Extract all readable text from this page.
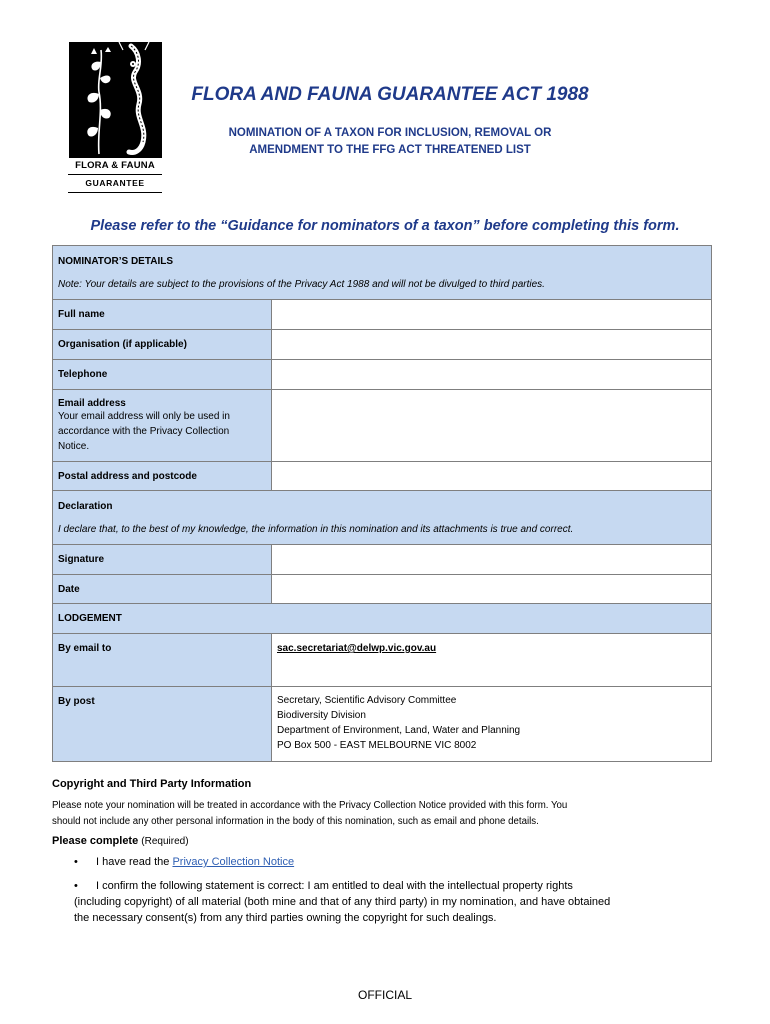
FLORA & FAUNA
GUARANTEE
FLORA AND FAUNA GUARANTEE ACT 1988
NOMINATION OF A TAXON FOR INCLUSION, REMOVAL OR
AMENDMENT TO THE FFG ACT THREATENED LIST
Please refer to the “Guidance for nominators of a taxon” before completing this form.
NOMINATOR’S DETAILS
Note: Your details are subject to the provisions of the Privacy Act 1988 and will not be divulged to third parties.	

Full name	
Organisation (if applicable)	
Telephone	

Email address
Your email address will only be used in
accordance with the Privacy Collection
Notice.	

Postal address and postcode	

Declaration
I declare that, to the best of my knowledge, the information in this nomination and its attachments is true and correct.	

Signature	
Date	
LODGEMENT	
By email to	sac.secretariat@delwp.vic.gov.au
By post	Secretary, Scientific Advisory Committee
Biodiversity Division
Department of Environment, Land, Water and Planning
PO Box 500 - EAST MELBOURNE VIC 8002
Copyright and Third Party Information
Please note your nomination will be treated in accordance with the Privacy Collection Notice provided with this form. You
should not include any other personal information in the body of this nomination, such as email and phone details.
Please complete (Required)
• I have read the Privacy Collection Notice
• I confirm the following statement is correct: I am entitled to deal with the intellectual property rights
(including copyright) of all material (both mine and that of any third party) in my nomination, and have obtained
the necessary consent(s) from any third parties owning the copyright for such dealings.
OFFICIAL
